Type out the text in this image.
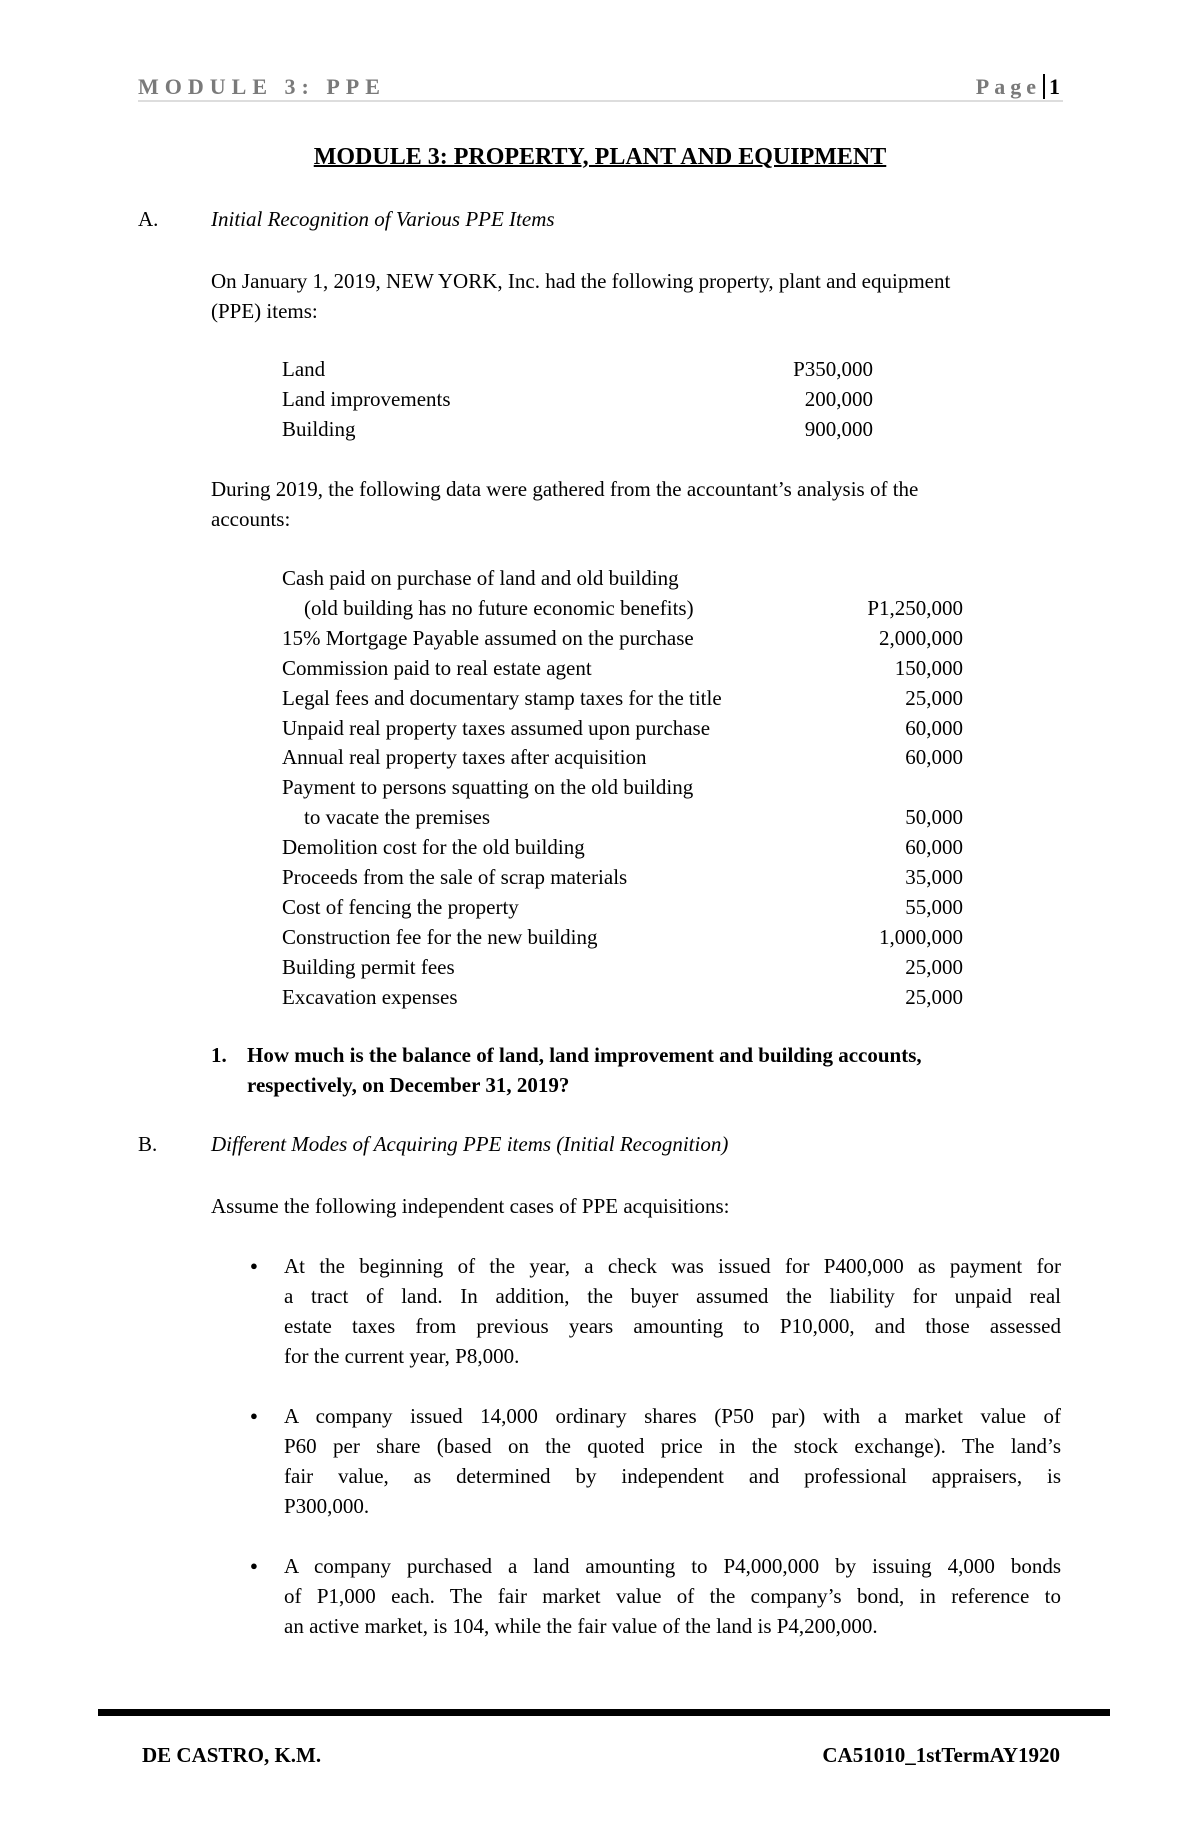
MODULE 3: PPE	Page 1
MODULE 3: PROPERTY, PLANT AND EQUIPMENT
A.	Initial Recognition of Various PPE Items
On January 1, 2019, NEW YORK, Inc. had the following property, plant and equipment
(PPE) items:
Land	P350,000
Land improvements	200,000
Building	900,000
During 2019, the following data were gathered from the accountant’s analysis of the
accounts:
Cash paid on purchase of land and old building
(old building has no future economic benefits)	P1,250,000
15% Mortgage Payable assumed on the purchase	2,000,000
Commission paid to real estate agent	150,000
Legal fees and documentary stamp taxes for the title	25,000
Unpaid real property taxes assumed upon purchase	60,000
Annual real property taxes after acquisition	60,000
Payment to persons squatting on the old building
to vacate the premises	50,000
Demolition cost for the old building	60,000
Proceeds from the sale of scrap materials	35,000
Cost of fencing the property	55,000
Construction fee for the new building	1,000,000
Building permit fees	25,000
Excavation expenses	25,000
1. How much is the balance of land, land improvement and building accounts,
respectively, on December 31, 2019?
B.	Different Modes of Acquiring PPE items (Initial Recognition)
Assume the following independent cases of PPE acquisitions:
● At the beginning of the year, a check was issued for P400,000 as payment for
a tract of land. In addition, the buyer assumed the liability for unpaid real
estate taxes from previous years amounting to P10,000, and those assessed
for the current year, P8,000.
● A company issued 14,000 ordinary shares (P50 par) with a market value of
P60 per share (based on the quoted price in the stock exchange). The land’s
fair value, as determined by independent and professional appraisers, is
P300,000.
● A company purchased a land amounting to P4,000,000 by issuing 4,000 bonds
of P1,000 each. The fair market value of the company’s bond, in reference to
an active market, is 104, while the fair value of the land is P4,200,000.
DE CASTRO, K.M.	CA51010_1stTermAY1920
